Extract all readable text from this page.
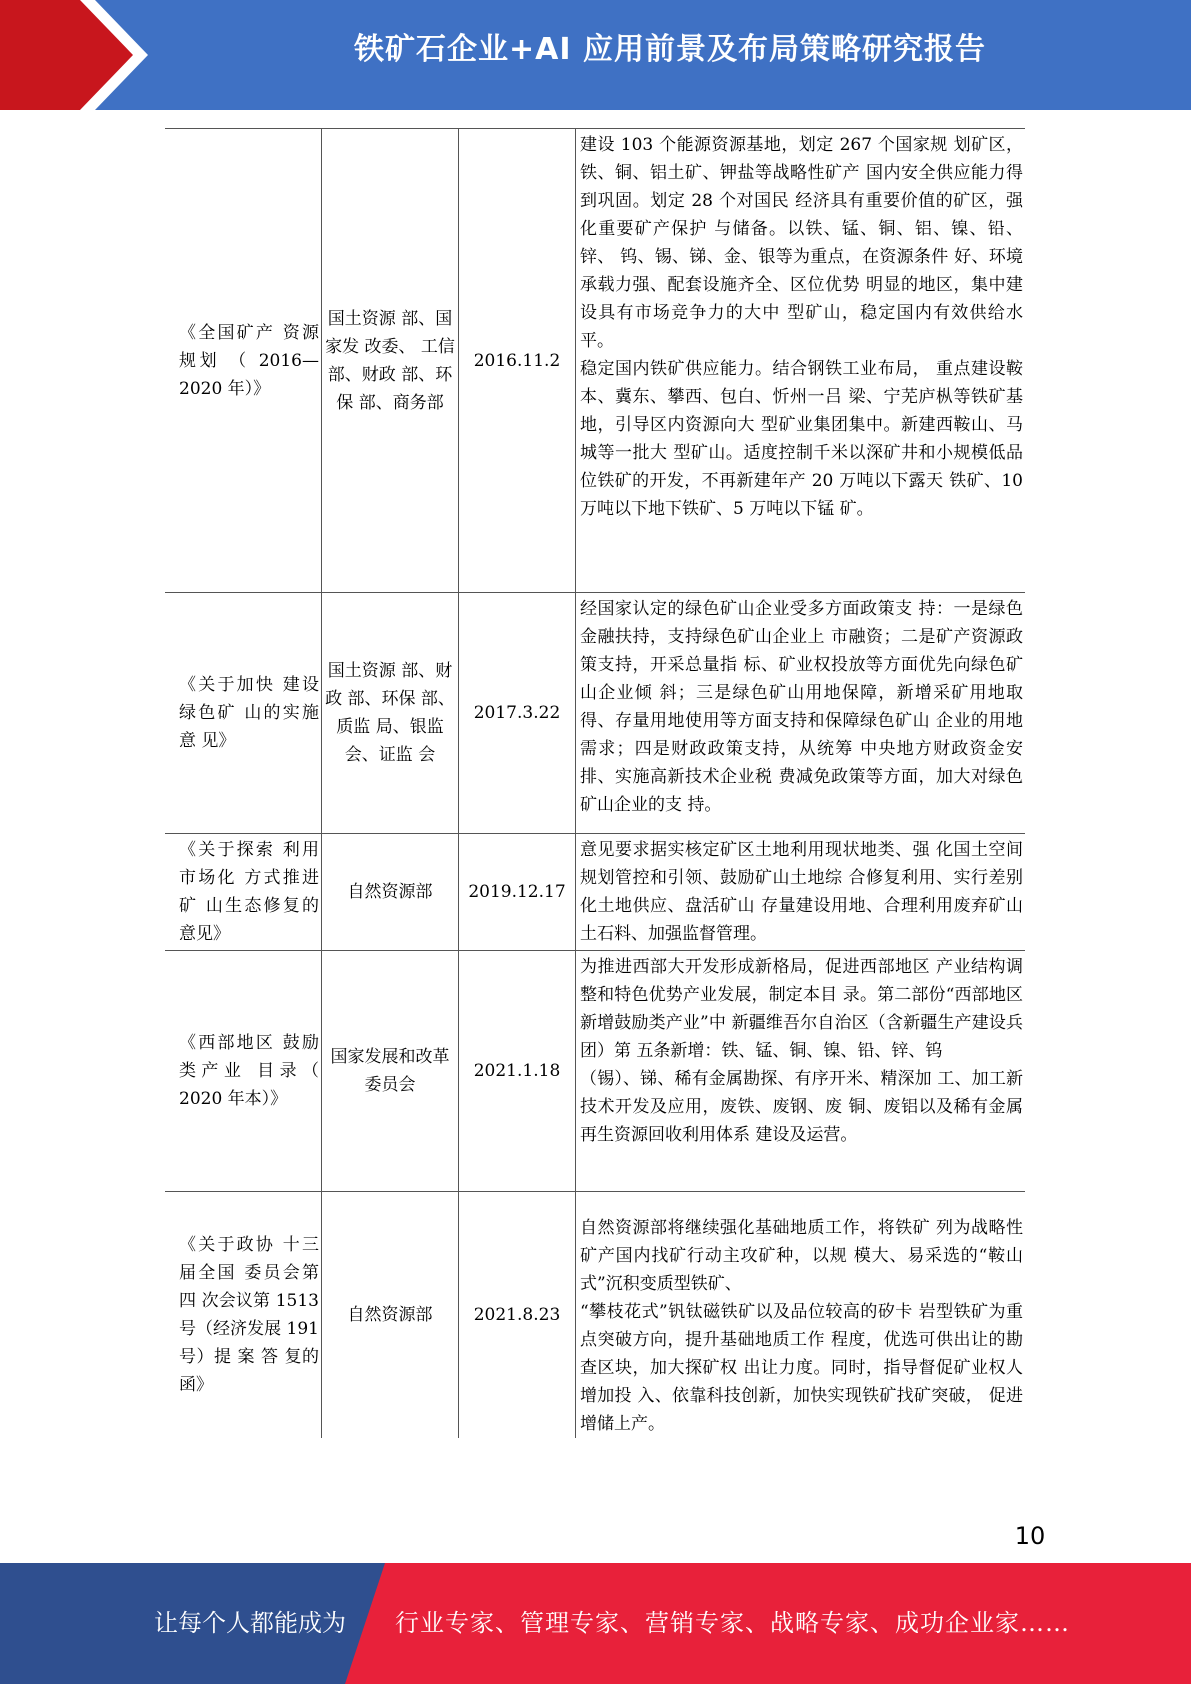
铁矿石企业+AI 应用前景及布局策略研究报告
《全国矿产 资源规划 （ 2016—2020 年）》	国土资源 部、国家发 改委、 工信部、财政 部、环保 部、商务部	2016.11.2	建设 103 个能源资源基地，划定 267 个国家规 划矿区，铁、铜、铝土矿、钾盐等战略性矿产 国内安全供应能力得到巩固。划定 28 个对国民 经济具有重要价值的矿区，强化重要矿产保护 与储备。以铁、锰、铜、铝、镍、铅、锌、 钨、锡、锑、金、银等为重点，在资源条件 好、环境承载力强、配套设施齐全、区位优势 明显的地区，集中建设具有市场竞争力的大中 型矿山，稳定国内有效供给水平。

稳定国内铁矿供应能力。结合钢铁工业布局， 重点建设鞍本、冀东、攀西、包白、忻州一吕 梁、宁芜庐枞等铁矿基地，引导区内资源向大 型矿业集团集中。新建西鞍山、马城等一批大 型矿山。适度控制千米以深矿井和小规模低品 位铁矿的开发，不再新建年产 20 万吨以下露天 铁矿、10 万吨以下地下铁矿、5 万吨以下锰 矿。

《关于加快 建设绿色矿 山的实施意 见》	国土资源 部、财政 部、环保 部、质监 局、银监 会、证监 会	2017.3.22	经国家认定的绿色矿山企业受多方面政策支 持：一是绿色金融扶持，支持绿色矿山企业上 市融资；二是矿产资源政策支持，开采总量指 标、矿业权投放等方面优先向绿色矿山企业倾 斜；三是绿色矿山用地保障，新增采矿用地取 得、存量用地使用等方面支持和保障绿色矿山 企业的用地需求；四是财政政策支持，从统筹 中央地方财政资金安排、实施高新技术企业税 费减免政策等方面，加大对绿色矿山企业的支 持。

《关于探索 利用市场化 方式推进矿 山生态修复的意见》	自然资源部	2019.12.17	意见要求据实核定矿区土地利用现状地类、强 化国土空间规划管控和引领、鼓励矿山土地综 合修复利用、实行差别化土地供应、盘活矿山 存量建设用地、合理利用废弃矿山土石料、加强监督管理。

《西部地区 鼓励类产业 目录（ 2020 年本）》	国家发展和改革委员会	2021.1.18	为推进西部大开发形成新格局，促进西部地区 产业结构调整和特色优势产业发展，制定本目 录。第二部份“西部地区新增鼓励类产业”中 新疆维吾尔自治区（含新疆生产建设兵团）第 五条新增：铁、锰、铜、镍、铅、锌、钨

（锡）、锑、稀有金属勘探、有序开米、精深加 工、加工新技术开发及应用，废铁、废钢、废 铜、废铝以及稀有金属再生资源回收利用体系 建设及运营。

《关于政协 十三届全国 委员会第四 次会议第 1513 号（经济发展 191 号）提 案 答 复的函》	自然资源部	2021.8.23	自然资源部将继续强化基础地质工作，将铁矿 列为战略性矿产国内找矿行动主攻矿种，以规 模大、易采选的“鞍山式”沉积变质型铁矿、

“攀枝花式”钒钛磁铁矿以及品位较高的矽卡 岩型铁矿为重点突破方向，提升基础地质工作 程度，优选可供出让的勘查区块，加大探矿权 出让力度。同时，指导督促矿业权人增加投 入、依靠科技创新，加快实现铁矿找矿突破， 促进增储上产。

10
让每个人都能成为	行业专家、管理专家、营销专家、战略专家、成功企业家……
